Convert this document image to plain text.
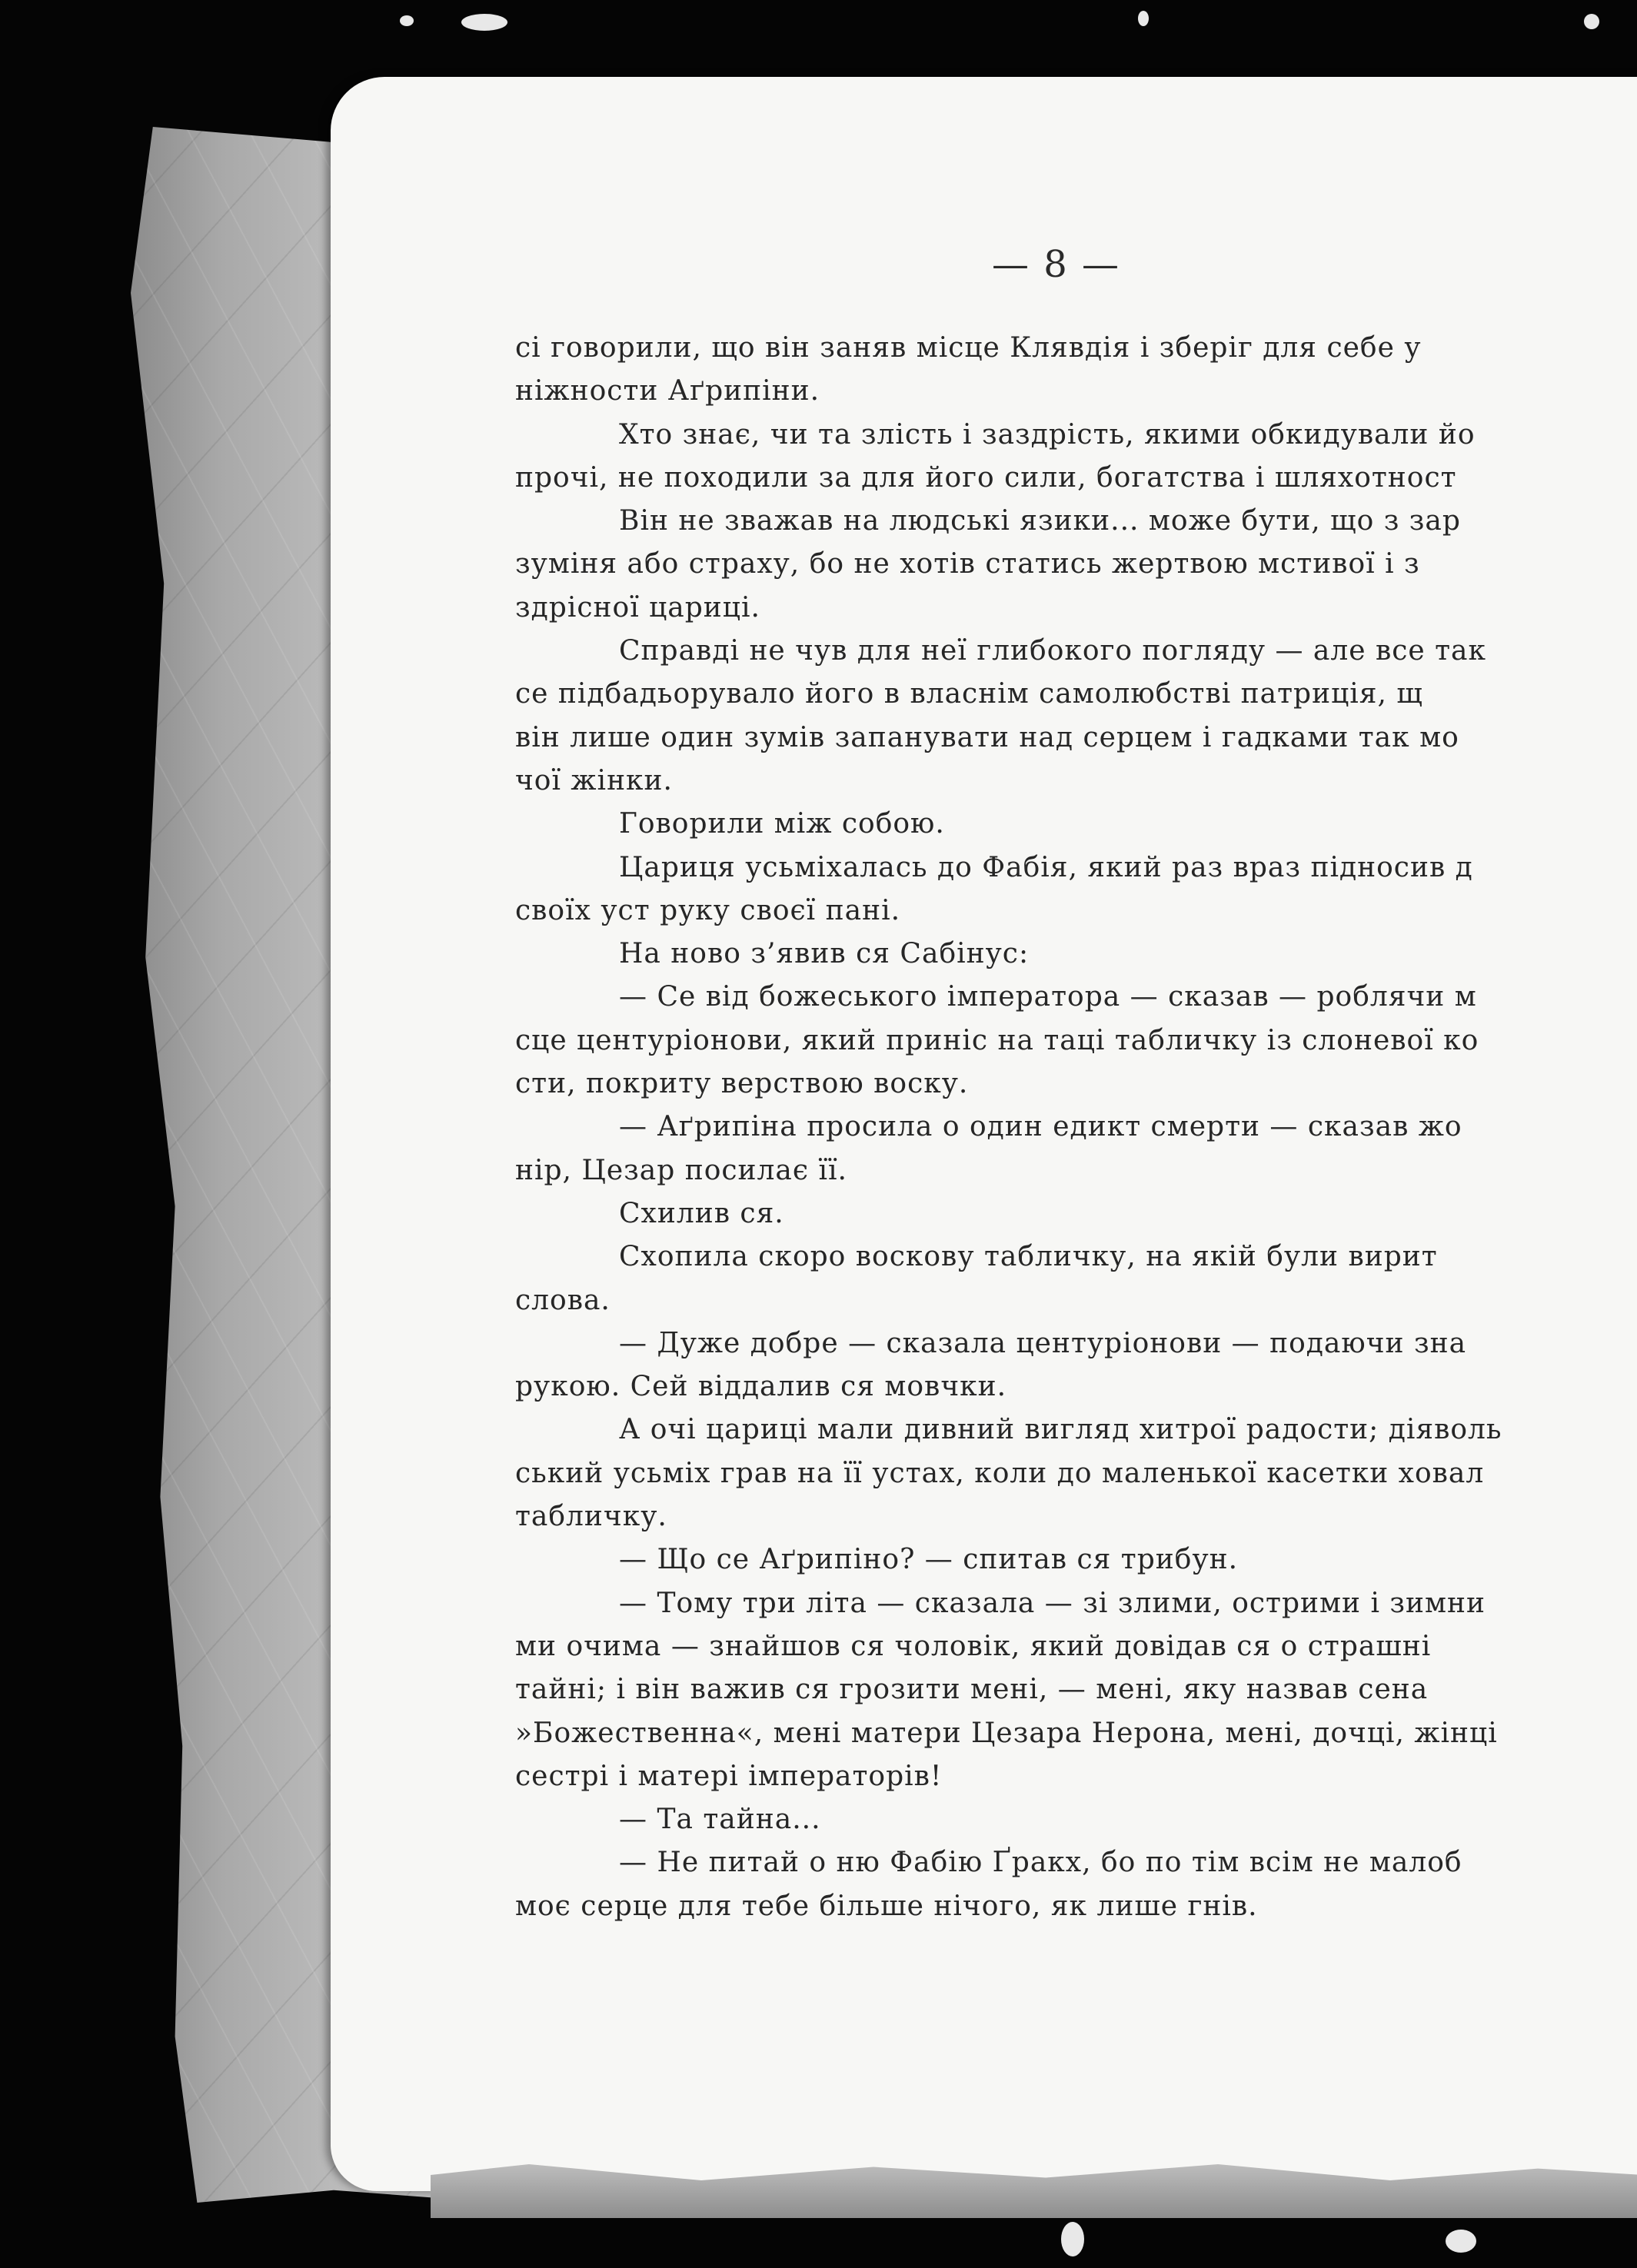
— 8 —
сі говорили, що він заняв місце Клявдія і зберіг для себе у
ніжности Аґрипіни.
Хто знає, чи та злість і заздрість, якими обкидували йо
прочі, не походили за для його сили, богатства і шляхотност
Він не зважав на людські язики... може бути, що з зар
зуміня або страху, бо не хотів статись жертвою мстивої і з
здрісної цариці.
Справді не чув для неї глибокого погляду — але все так
се підбадьорувало його в власнім самолюбстві патриція, щ
він лише один зумів запанувати над серцем і гадками так мо
чої жінки.
Говорили між собою.
Цариця усьміхалась до Фабія, який раз враз підносив д
своїх уст руку своєї пані.
На ново з’явив ся Сабінус:
— Се від божеського імператора — сказав — роблячи м
сце центуріонови, який приніс на таці табличку із слоневої ко
сти, покриту верствою воску.
— Аґрипіна просила о один едикт смерти — сказав жо
нір, Цезар посилає її.
Схилив ся.
Схопила скоро воскову табличку, на якій були вирит
слова.
— Дуже добре — сказала центуріонови — подаючи зна
рукою. Сей віддалив ся мовчки.
А очі цариці мали дивний вигляд хитрої радости; діяволь
ський усьміх грав на її устах, коли до маленької касетки ховал
табличку.
— Що се Аґрипіно? — спитав ся трибун.
— Тому три літа — сказала — зі злими, острими і зимни
ми очима — знайшов ся чоловік, який довідав ся о страшні
тайні; і він важив ся грозити мені, — мені, яку назвав сена
»Божественна«, мені матери Цезара Нерона, мені, дочці, жінці
сестрі і матері імператорів!
— Та тайна...
— Не питай о ню Фабію Ґракх, бо по тім всім не малоб
моє серце для тебе більше нічого, як лише гнів.
